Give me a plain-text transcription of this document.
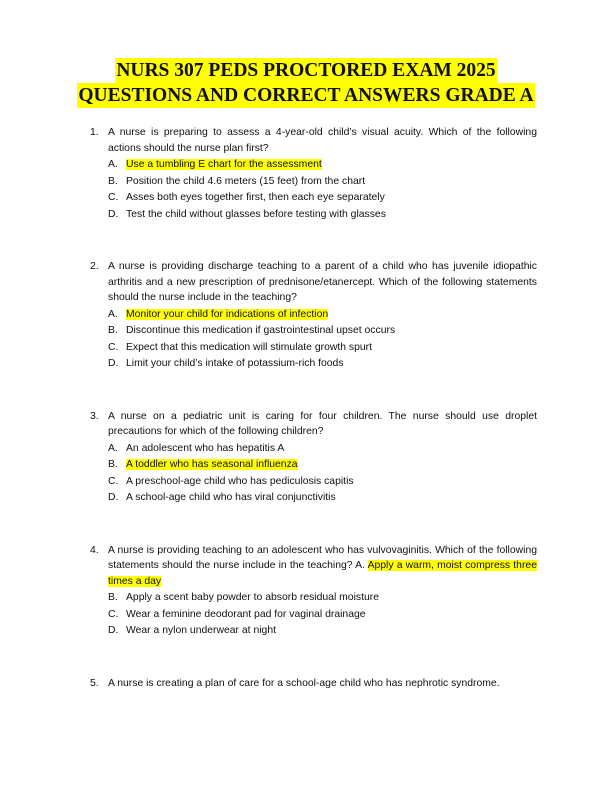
NURS 307 PEDS PROCTORED EXAM 2025
QUESTIONS AND CORRECT ANSWERS GRADE A
1. A nurse is preparing to assess a 4-year-old child’s visual acuity. Which of the following actions should the nurse plan first?
A. Use a tumbling E chart for the assessment
B. Position the child 4.6 meters (15 feet) from the chart
C. Asses both eyes together first, then each eye separately
D. Test the child without glasses before testing with glasses
2. A nurse is providing discharge teaching to a parent of a child who has juvenile idiopathic arthritis and a new prescription of prednisone/etanercept. Which of the following statements should the nurse include in the teaching?
A. Monitor your child for indications of infection
B. Discontinue this medication if gastrointestinal upset occurs
C. Expect that this medication will stimulate growth spurt
D. Limit your child’s intake of potassium-rich foods
3. A nurse on a pediatric unit is caring for four children. The nurse should use droplet precautions for which of the following children?
A. An adolescent who has hepatitis A
B. A toddler who has seasonal influenza
C. A preschool-age child who has pediculosis capitis
D. A school-age child who has viral conjunctivitis
4. A nurse is providing teaching to an adolescent who has vulvovaginitis. Which of the following statements should the nurse include in the teaching? A. Apply a warm, moist compress three times a day
B. Apply a scent baby powder to absorb residual moisture
C. Wear a feminine deodorant pad for vaginal drainage
D. Wear a nylon underwear at night
5. A nurse is creating a plan of care for a school-age child who has nephrotic syndrome.
